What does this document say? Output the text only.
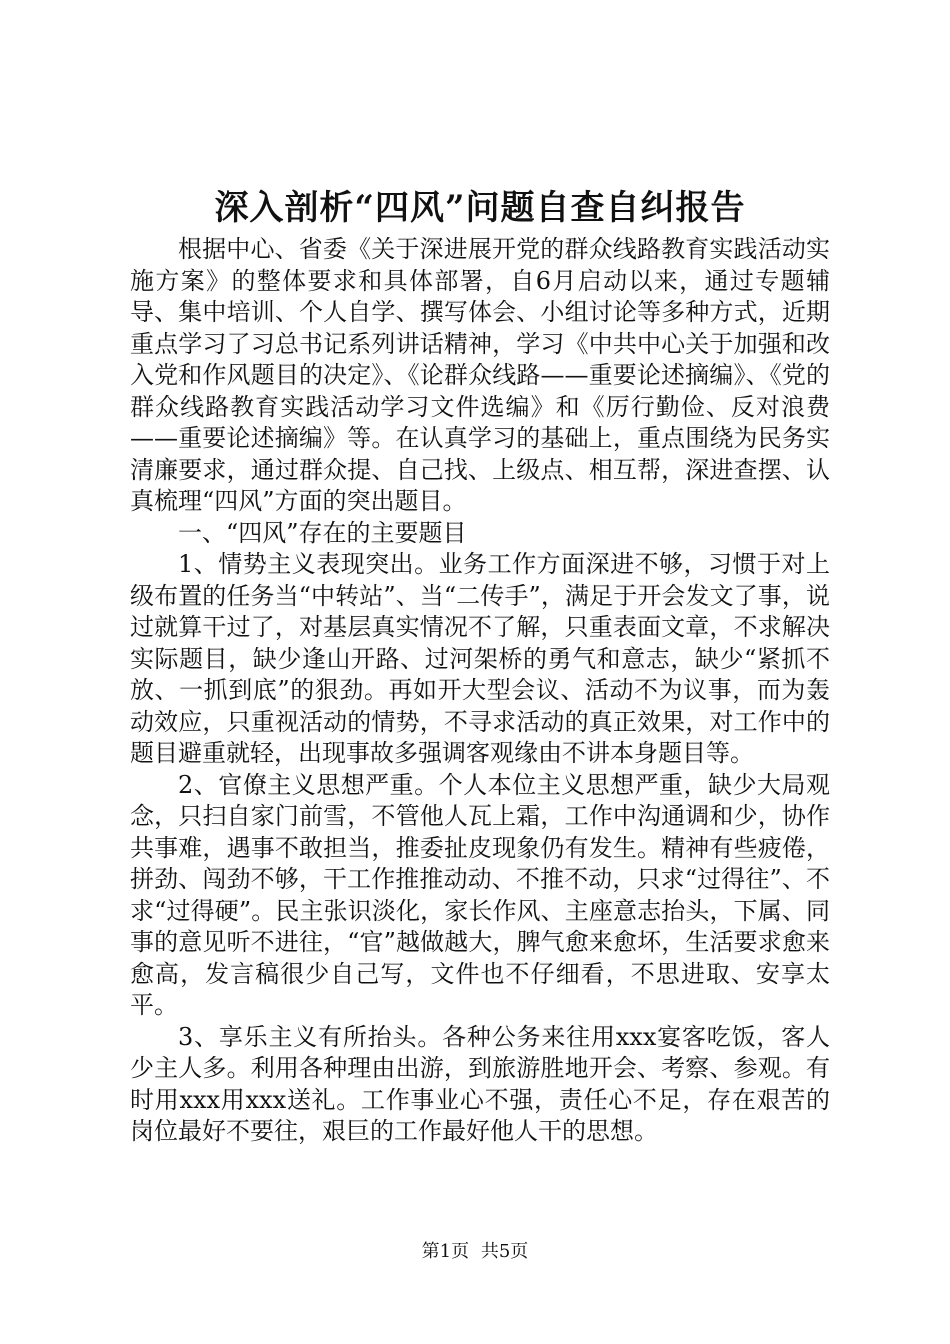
深入剖析“四风”问题自查自纠报告

根据中心、省委《关于深进展开党的群众线路教育实践活动实施方案》的整体要求和具体部署，自6月启动以来，通过专题辅导、集中培训、个人自学、撰写体会、小组讨论等多种方式，近期重点学习了习总书记系列讲话精神，学习《中共中心关于加强和改入党和作风题目的决定》、《论群众线路——重要论述摘编》、《党的群众线路教育实践活动学习文件选编》和《厉行勤俭、反对浪费——重要论述摘编》等。在认真学习的基础上，重点围绕为民务实清廉要求，通过群众提、自己找、上级点、相互帮，深进查摆、认真梳理“四风”方面的突出题目。

一、“四风”存在的主要题目

1、情势主义表现突出。业务工作方面深进不够，习惯于对上级布置的任务当“中转站”、当“二传手”，满足于开会发文了事，说过就算干过了，对基层真实情况不了解，只重表面文章，不求解决实际题目，缺少逢山开路、过河架桥的勇气和意志，缺少“紧抓不放、一抓到底”的狠劲。再如开大型会议、活动不为议事，而为轰动效应，只重视活动的情势，不寻求活动的真正效果，对工作中的题目避重就轻，出现事故多强调客观缘由不讲本身题目等。

2、官僚主义思想严重。个人本位主义思想严重，缺少大局观念，只扫自家门前雪，不管他人瓦上霜，工作中沟通调和少，协作共事难，遇事不敢担当，推委扯皮现象仍有发生。精神有些疲倦，拼劲、闯劲不够，干工作推推动动、不推不动，只求“过得往”、不求“过得硬”。民主张识淡化，家长作风、主座意志抬头，下属、同事的意见听不进往，“官”越做越大，脾气愈来愈坏，生活要求愈来愈高，发言稿很少自己写，文件也不仔细看，不思进取、安享太平。

3、享乐主义有所抬头。各种公务来往用xxx宴客吃饭，客人少主人多。利用各种理由出游，到旅游胜地开会、考察、参观。有时用xxx用xxx送礼。工作事业心不强，责任心不足，存在艰苦的岗位最好不要往，艰巨的工作最好他人干的思想。

第1页 共5页
